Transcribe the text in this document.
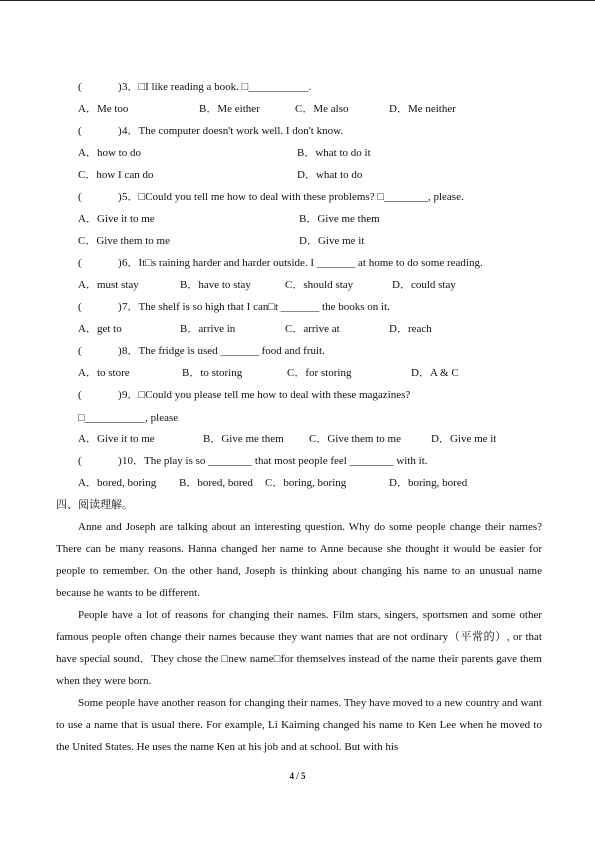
(	) 3．□I like reading a book. □___________.
A．Me too	B．Me either	C．Me also	D．Me neither
(	) 4．The computer doesn't work well. I don't know.
A．how to do	B．what to do it
C．how I can do	D．what to do
(	) 5．□Could you tell me how to deal with these problems? □________, please.
A．Give it to me	B．Give me them
C．Give them to me	D．Give me it
(	) 6．It□s raining harder and harder outside. I _______ at home to do some reading.
A．must stay	B．have to stay	C．should stay	D．could stay
(	) 7．The shelf is so high that I can□t _______ the books on it.
A．get to	B．arrive in	C．arrive at	D．reach
(	) 8．The fridge is used _______ food and fruit.
A．to store	B．to storing	C．for storing	D．A & C
(	) 9．□Could you please tell me how to deal with these magazines?
□___________, please
A．Give it to me	B．Give me them C．Give them to me	D．Give me it
(	) 10．The play is so ________ that most people feel ________ with it.
A．bored, boring B．bored, bored C．boring, boring	D．boring, bored
四、阅读理解。

Anne and Joseph are talking about an interesting question. Why do some people change their names? There can be many reasons. Hanna changed her name to Anne because she thought it would be easier for people to remember. On the other hand, Joseph is thinking about changing his name to an unusual name because he wants to be different.

People have a lot of reasons for changing their names. Film stars, singers, sportsmen and some other famous people often change their names because they want names that are not ordinary（平常的）, or that have special sound．They chose the □new name□for themselves instead of the name their parents gave them when they were born.

Some people have another reason for changing their names. They have moved to a new country and want to use a name that is usual there. For example, Li Kaiming changed his name to Ken Lee when he moved to the United States. He uses the name Ken at his job and at school. But with his

4 / 5
